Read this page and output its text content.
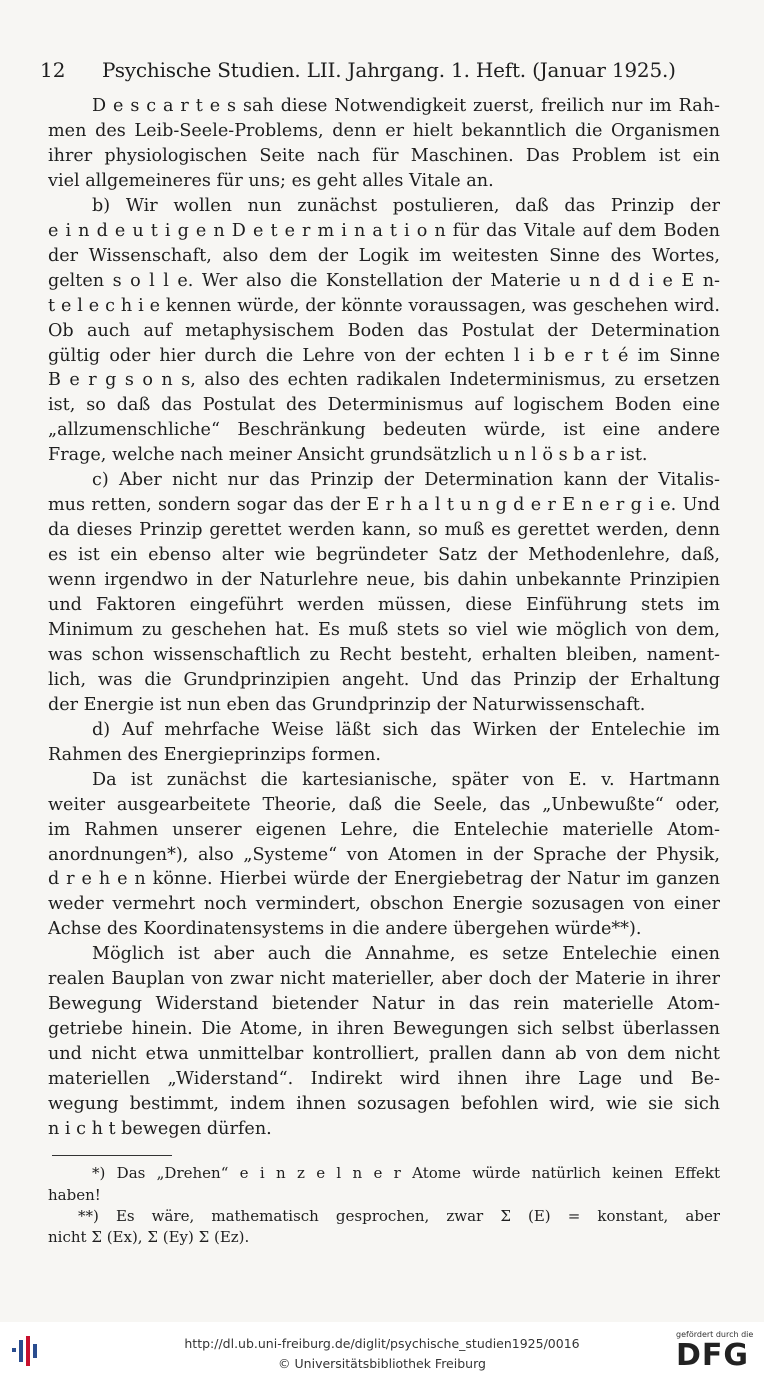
12 Psychische Studien. LII. Jahrgang. 1. Heft. (Januar 1925.)
D e s c a r t e s sah diese Notwendigkeit zuerst, freilich nur im Rah-
men des Leib-Seele-Problems, denn er hielt bekanntlich die Organismen
ihrer physiologischen Seite nach für Maschinen. Das Problem ist ein
viel allgemeineres für uns; es geht alles Vitale an.
b) Wir wollen nun zunächst postulieren, daß das Prinzip der
e i n d e u t i g e n D e t e r m i n a t i o n für das Vitale auf dem Boden
der Wissenschaft, also dem der Logik im weitesten Sinne des Wortes,
gelten s o l l e. Wer also die Konstellation der Materie u n d d i e E n-
t e l e c h i e kennen würde, der könnte voraussagen, was geschehen wird.
Ob auch auf metaphysischem Boden das Postulat der Determination
gültig oder hier durch die Lehre von der echten l i b e r t é im Sinne
B e r g s o n s, also des echten radikalen Indeterminismus, zu ersetzen
ist, so daß das Postulat des Determinismus auf logischem Boden eine
„allzumenschliche“ Beschränkung bedeuten würde, ist eine andere
Frage, welche nach meiner Ansicht grundsätzlich u n l ö s b a r ist.
c) Aber nicht nur das Prinzip der Determination kann der Vitalis-
mus retten, sondern sogar das der E r h a l t u n g d e r E n e r g i e. Und
da dieses Prinzip gerettet werden kann, so muß es gerettet werden, denn
es ist ein ebenso alter wie begründeter Satz der Methodenlehre, daß,
wenn irgendwo in der Naturlehre neue, bis dahin unbekannte Prinzipien
und Faktoren eingeführt werden müssen, diese Einführung stets im
Minimum zu geschehen hat. Es muß stets so viel wie möglich von dem,
was schon wissenschaftlich zu Recht besteht, erhalten bleiben, nament-
lich, was die Grundprinzipien angeht. Und das Prinzip der Erhaltung
der Energie ist nun eben das Grundprinzip der Naturwissenschaft.
d) Auf mehrfache Weise läßt sich das Wirken der Entelechie im
Rahmen des Energieprinzips formen.
Da ist zunächst die kartesianische, später von E. v. Hartmann
weiter ausgearbeitete Theorie, daß die Seele, das „Unbewußte“ oder,
im Rahmen unserer eigenen Lehre, die Entelechie materielle Atom-
anordnungen*), also „Systeme“ von Atomen in der Sprache der Physik,
d r e h e n könne. Hierbei würde der Energiebetrag der Natur im ganzen
weder vermehrt noch vermindert, obschon Energie sozusagen von einer
Achse des Koordinatensystems in die andere übergehen würde**).
Möglich ist aber auch die Annahme, es setze Entelechie einen
realen Bauplan von zwar nicht materieller, aber doch der Materie in ihrer
Bewegung Widerstand bietender Natur in das rein materielle Atom-
getriebe hinein. Die Atome, in ihren Bewegungen sich selbst überlassen
und nicht etwa unmittelbar kontrolliert, prallen dann ab von dem nicht
materiellen „Widerstand“. Indirekt wird ihnen ihre Lage und Be-
wegung bestimmt, indem ihnen sozusagen befohlen wird, wie sie sich
n i c h t bewegen dürfen.
*) Das „Drehen“ e i n z e l n e r Atome würde natürlich keinen Effekt
haben!
**) Es wäre, mathematisch gesprochen, zwar Σ (E) = konstant, aber
nicht Σ (Ex), Σ (Ey) Σ (Ez).
http://dl.ub.uni-freiburg.de/diglit/psychische_studien1925/0016
© Universitätsbibliothek Freiburg
gefördert durch die
DFG
